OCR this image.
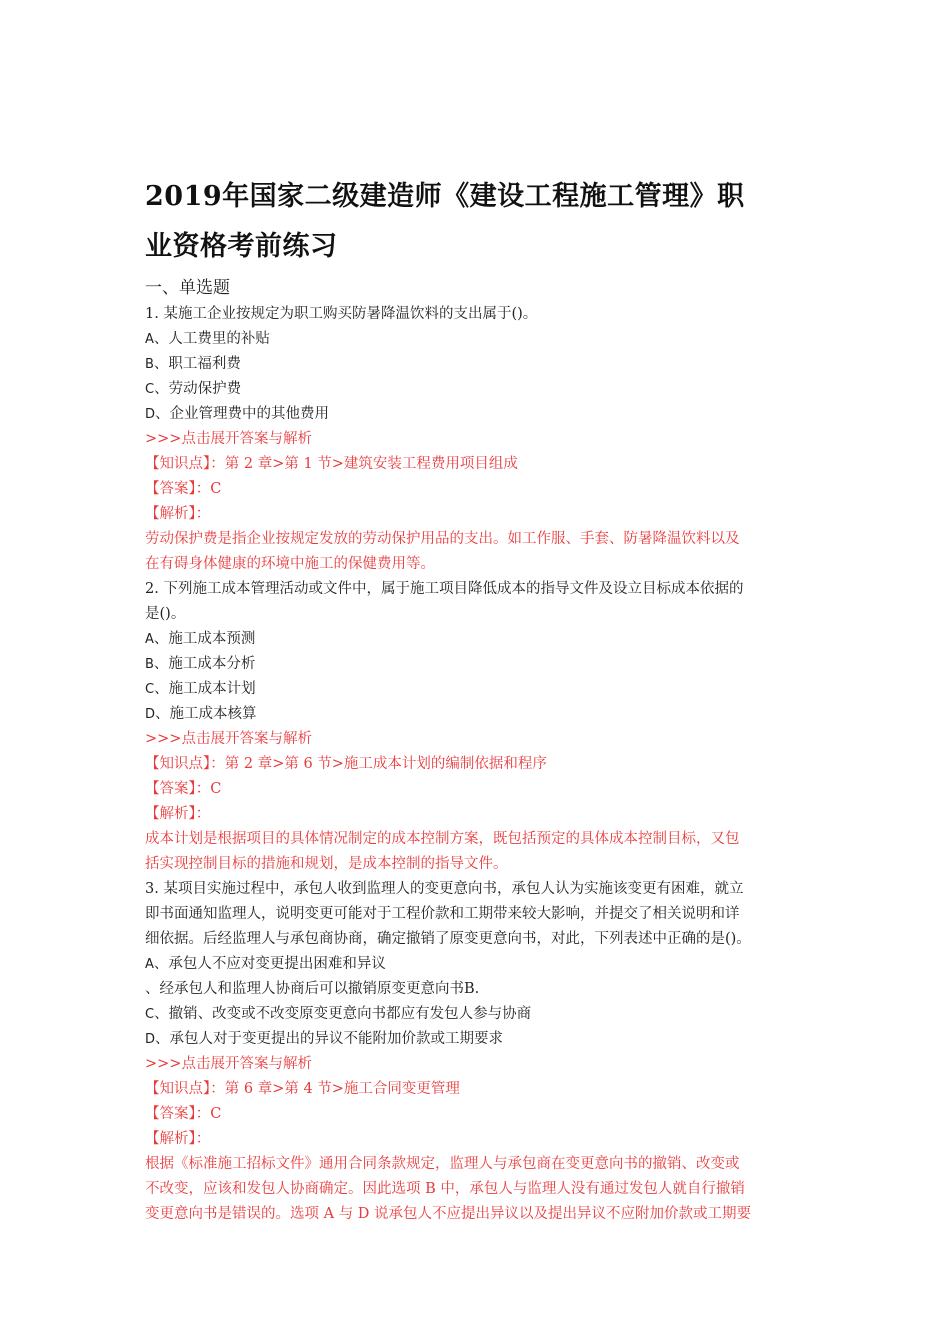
2019年国家二级建造师《建设工程施工管理》职
业资格考前练习
一、单选题
1. 某施工企业按规定为职工购买防暑降温饮料的支出属于()。
A、人工费里的补贴
B、职工福利费
C、劳动保护费
D、企业管理费中的其他费用
>>>点击展开答案与解析
【知识点】：第 2 章>第 1 节>建筑安装工程费用项目组成
【答案】：C
【解析】：
劳动保护费是指企业按规定发放的劳动保护用品的支出。如工作服、手套、防暑降温饮料以及
在有碍身体健康的环境中施工的保健费用等。
2. 下列施工成本管理活动或文件中，属于施工项目降低成本的指导文件及设立目标成本依据的
是()。
A、施工成本预测
B、施工成本分析
C、施工成本计划
D、施工成本核算
>>>点击展开答案与解析
【知识点】：第 2 章>第 6 节>施工成本计划的编制依据和程序
【答案】：C
【解析】：
成本计划是根据项目的具体情况制定的成本控制方案，既包括预定的具体成本控制目标，又包
括实现控制目标的措施和规划，是成本控制的指导文件。
3. 某项目实施过程中，承包人收到监理人的变更意向书，承包人认为实施该变更有困难，就立
即书面通知监理人，说明变更可能对于工程价款和工期带来较大影响，并提交了相关说明和详
细依据。后经监理人与承包商协商，确定撤销了原变更意向书，对此，下列表述中正确的是()。
A、承包人不应对变更提出困难和异议
、经承包人和监理人协商后可以撤销原变更意向书B.
C、撤销、改变或不改变原变更意向书都应有发包人参与协商
D、承包人对于变更提出的异议不能附加价款或工期要求
>>>点击展开答案与解析
【知识点】：第 6 章>第 4 节>施工合同变更管理
【答案】：C
【解析】：
根据《标准施工招标文件》通用合同条款规定，监理人与承包商在变更意向书的撤销、改变或
不改变，应该和发包人协商确定。因此选项 B 中，承包人与监理人没有通过发包人就自行撤销
变更意向书是错误的。选项 A 与 D 说承包人不应提出异议以及提出异议不应附加价款或工期要
